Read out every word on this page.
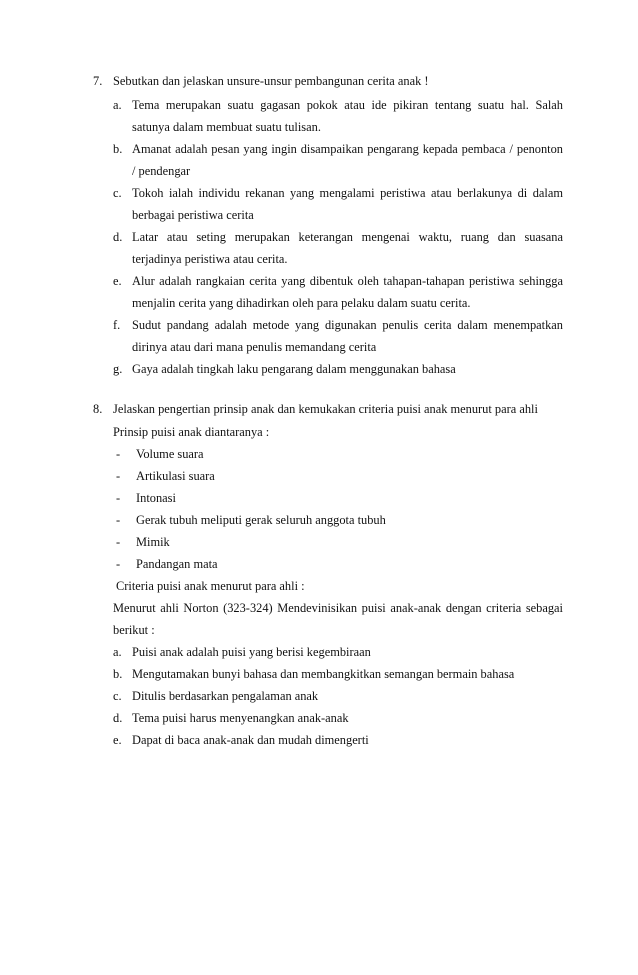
7. Sebutkan dan jelaskan unsure-unsur pembangunan cerita anak !
a. Tema merupakan suatu gagasan pokok atau ide pikiran tentang suatu hal. Salah
satunya dalam membuat suatu tulisan.
b. Amanat adalah pesan yang ingin disampaikan pengarang kepada pembaca / penonton
/ pendengar
c. Tokoh ialah individu rekanan yang mengalami peristiwa atau berlakunya di dalam
berbagai peristiwa cerita
d. Latar atau seting merupakan keterangan mengenai waktu, ruang dan suasana
terjadinya peristiwa atau cerita.
e. Alur adalah rangkaian cerita yang dibentuk oleh tahapan-tahapan peristiwa sehingga
menjalin cerita yang dihadirkan oleh para pelaku dalam suatu cerita.
f. Sudut pandang adalah metode yang digunakan penulis cerita dalam menempatkan
dirinya atau dari mana penulis memandang cerita
g. Gaya adalah tingkah laku pengarang dalam menggunakan bahasa
8. Jelaskan pengertian prinsip anak dan kemukakan criteria puisi anak menurut para ahli
Prinsip puisi anak diantaranya :
- Volume suara
- Artikulasi suara
- Intonasi
- Gerak tubuh meliputi gerak seluruh anggota tubuh
- Mimik
- Pandangan mata
Criteria puisi anak menurut para ahli :
Menurut ahli Norton (323-324) Mendevinisikan puisi anak-anak dengan criteria sebagai
berikut :
a. Puisi anak adalah puisi yang berisi kegembiraan
b. Mengutamakan bunyi bahasa dan membangkitkan semangan bermain bahasa
c. Ditulis berdasarkan pengalaman anak
d. Tema puisi harus menyenangkan anak-anak
e. Dapat di baca anak-anak dan mudah dimengerti
